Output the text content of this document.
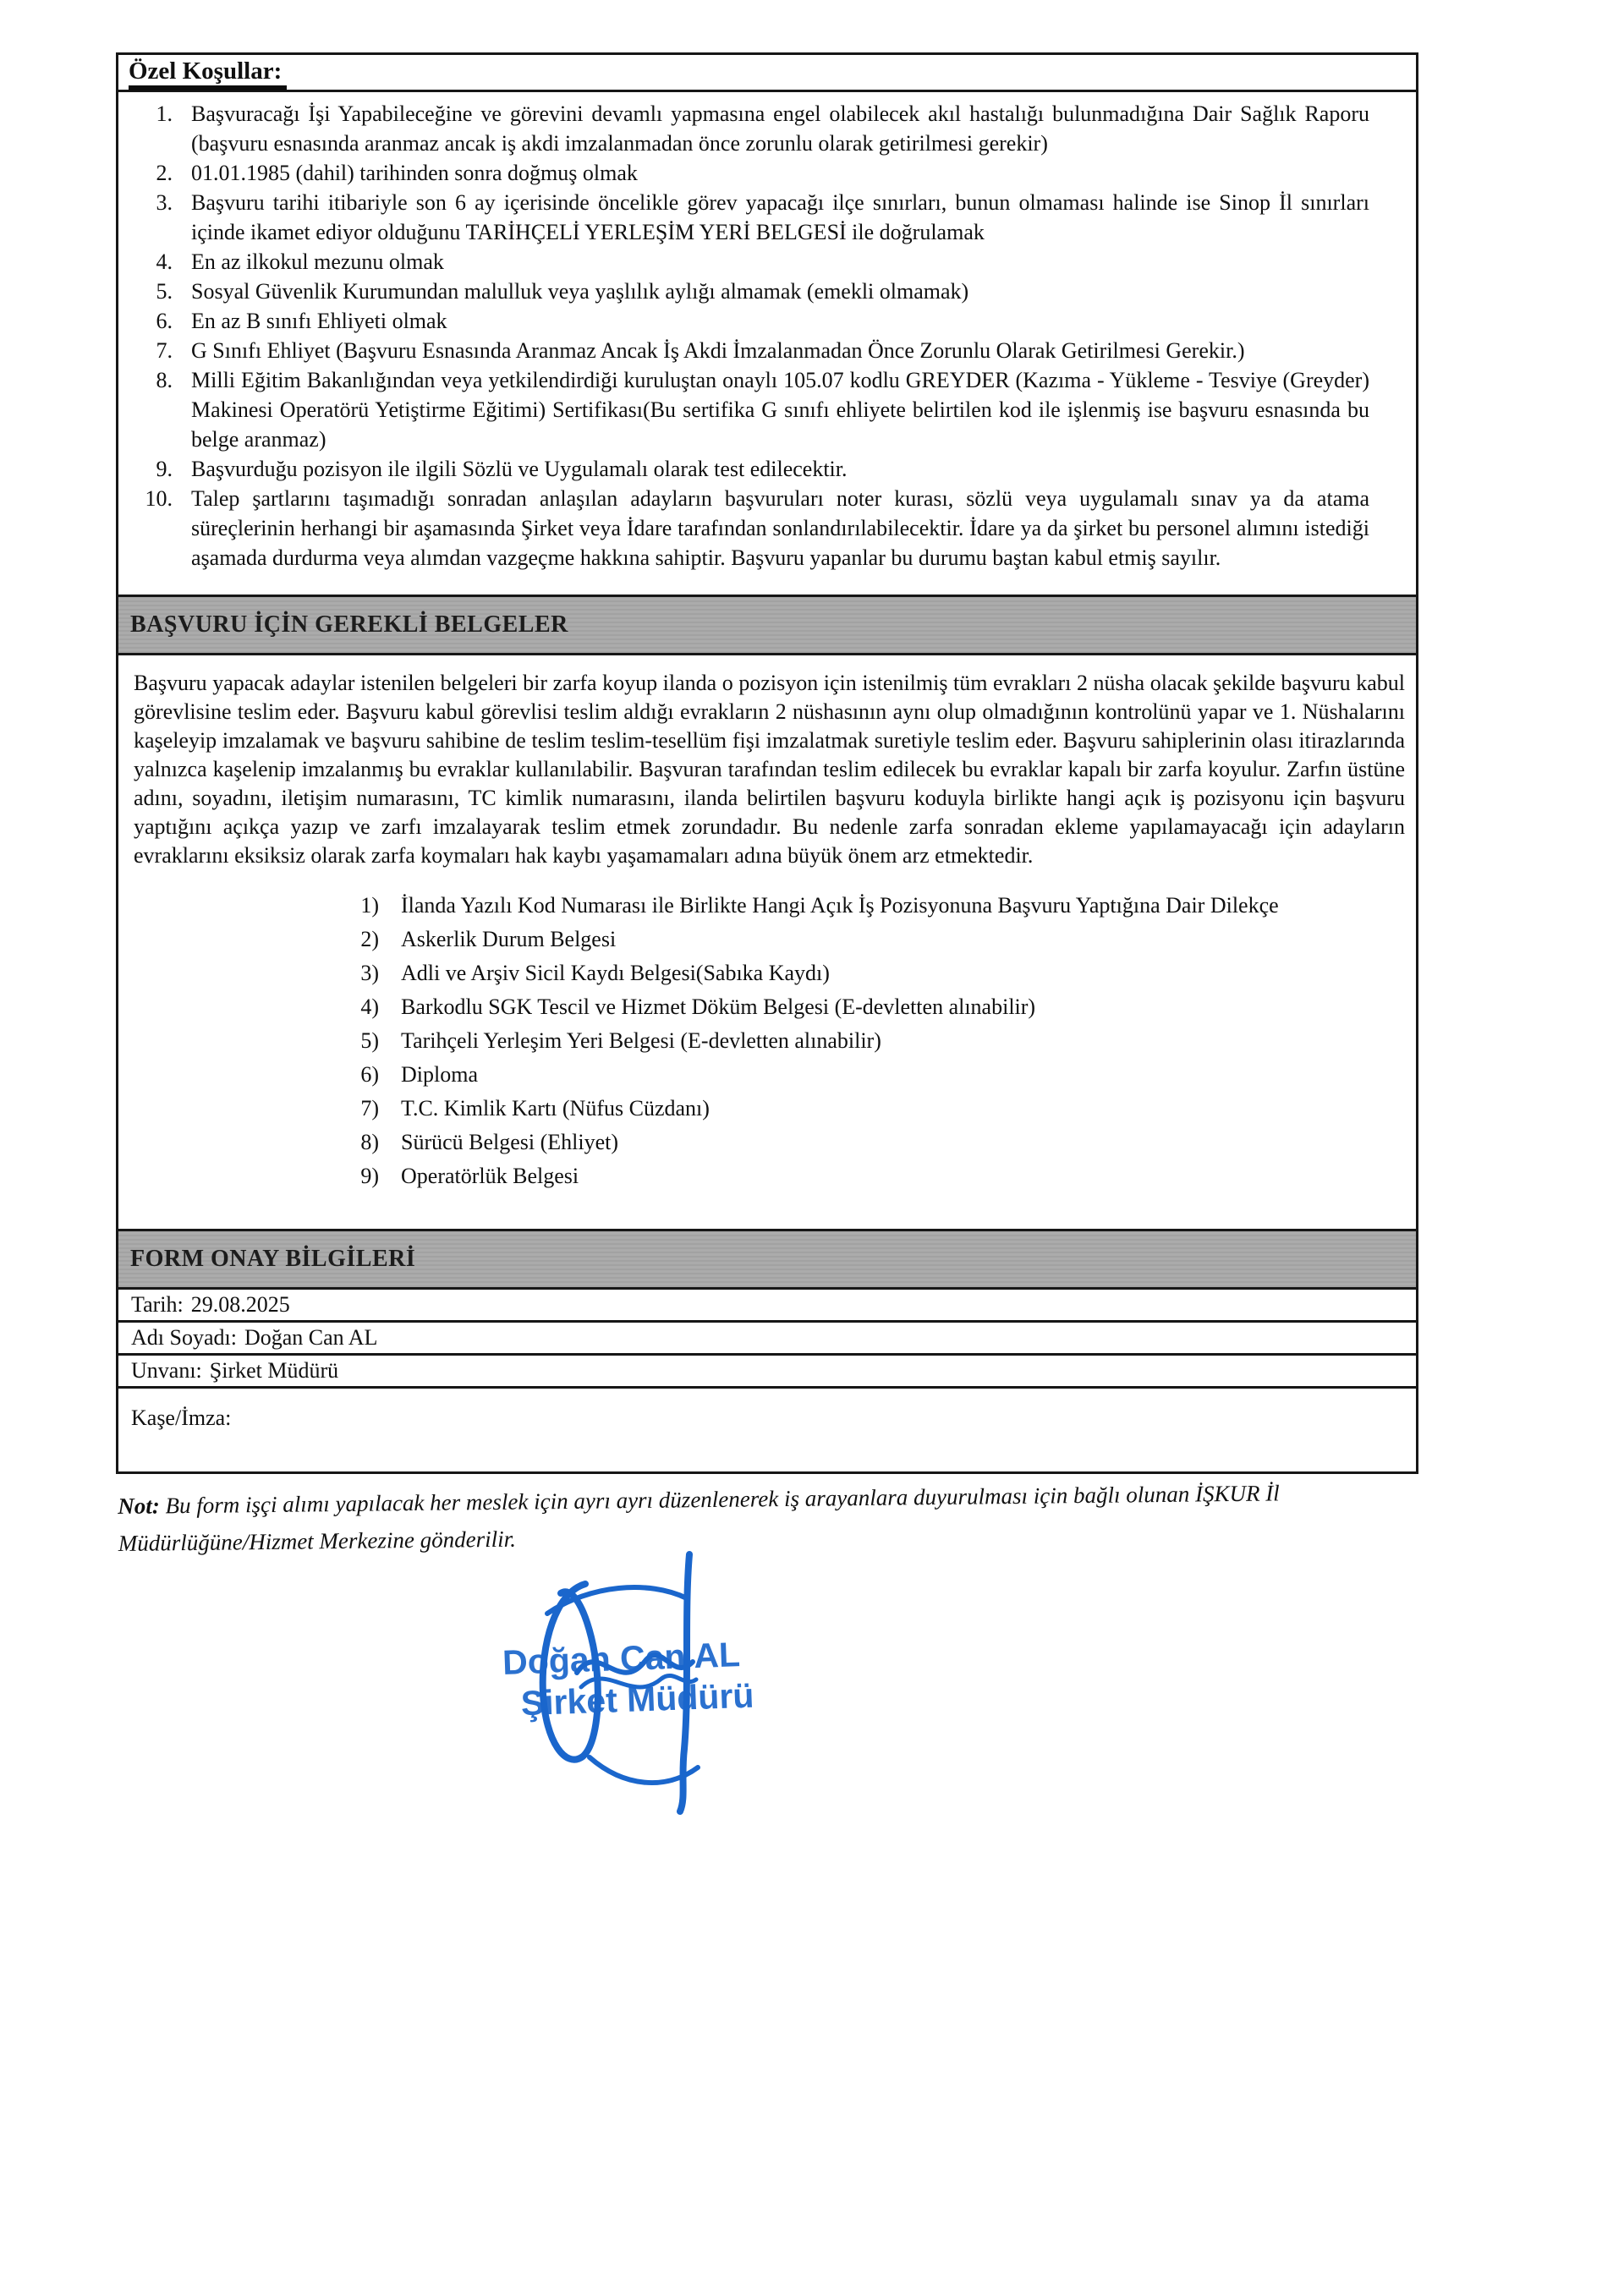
Özel Koşullar:
1. Başvuracağı İşi Yapabileceğine ve görevini devamlı yapmasına engel olabilecek akıl hastalığı bulunmadığına Dair Sağlık Raporu (başvuru esnasında aranmaz ancak iş akdi imzalanmadan önce zorunlu olarak getirilmesi gerekir)
2. 01.01.1985 (dahil) tarihinden sonra doğmuş olmak
3. Başvuru tarihi itibariyle son 6 ay içerisinde öncelikle görev yapacağı ilçe sınırları, bunun olmaması halinde ise Sinop İl sınırları içinde ikamet ediyor olduğunu TARİHÇELİ YERLEŞİM YERİ BELGESİ ile doğrulamak
4. En az ilkokul mezunu olmak
5. Sosyal Güvenlik Kurumundan malulluk veya yaşlılık aylığı almamak (emekli olmamak)
6. En az B sınıfı Ehliyeti olmak
7. G Sınıfı Ehliyet (Başvuru Esnasında Aranmaz Ancak İş Akdi İmzalanmadan Önce Zorunlu Olarak Getirilmesi Gerekir.)
8. Milli Eğitim Bakanlığından veya yetkilendirdiği kuruluştan onaylı 105.07 kodlu GREYDER (Kazıma - Yükleme - Tesviye (Greyder) Makinesi Operatörü Yetiştirme Eğitimi) Sertifikası(Bu sertifika G sınıfı ehliyete belirtilen kod ile işlenmiş ise başvuru esnasında bu belge aranmaz)
9. Başvurduğu pozisyon ile ilgili Sözlü ve Uygulamalı olarak test edilecektir.
10. Talep şartlarını taşımadığı sonradan anlaşılan adayların başvuruları noter kurası, sözlü veya uygulamalı sınav ya da atama süreçlerinin herhangi bir aşamasında Şirket veya İdare tarafından sonlandırılabilecektir. İdare ya da şirket bu personel alımını istediği aşamada durdurma veya alımdan vazgeçme hakkına sahiptir. Başvuru yapanlar bu durumu baştan kabul etmiş sayılır.
BAŞVURU İÇİN GEREKLİ BELGELER
Başvuru yapacak adaylar istenilen belgeleri bir zarfa koyup ilanda o pozisyon için istenilmiş tüm evrakları 2 nüsha olacak şekilde başvuru kabul görevlisine teslim eder. Başvuru kabul görevlisi teslim aldığı evrakların 2 nüshasının aynı olup olmadığının kontrolünü yapar ve 1. Nüshalarını kaşeleyip imzalamak ve başvuru sahibine de teslim teslim-tesellüm fişi imzalatmak suretiyle teslim eder. Başvuru sahiplerinin olası itirazlarında yalnızca kaşelenip imzalanmış bu evraklar kullanılabilir. Başvuran tarafından teslim edilecek bu evraklar kapalı bir zarfa koyulur. Zarfın üstüne adını, soyadını, iletişim numarasını, TC kimlik numarasını, ilanda belirtilen başvuru koduyla birlikte hangi açık iş pozisyonu için başvuru yaptığını açıkça yazıp ve zarfı imzalayarak teslim etmek zorundadır. Bu nedenle zarfa sonradan ekleme yapılamayacağı için adayların evraklarını eksiksiz olarak zarfa koymaları hak kaybı yaşamamaları adına büyük önem arz etmektedir.
1) İlanda Yazılı Kod Numarası ile Birlikte Hangi Açık İş Pozisyonuna Başvuru Yaptığına Dair Dilekçe
2) Askerlik Durum Belgesi
3) Adli ve Arşiv Sicil Kaydı Belgesi(Sabıka Kaydı)
4) Barkodlu SGK Tescil ve Hizmet Döküm Belgesi (E-devletten alınabilir)
5) Tarihçeli Yerleşim Yeri Belgesi (E-devletten alınabilir)
6) Diploma
7) T.C. Kimlik Kartı (Nüfus Cüzdanı)
8) Sürücü Belgesi (Ehliyet)
9) Operatörlük Belgesi
FORM ONAY BİLGİLERİ
Tarih: 29.08.2025
Adı Soyadı: Doğan Can AL
Unvanı: Şirket Müdürü
Kaşe/İmza:
Doğan Can AL
Şirket Müdürü
Not: Bu form işçi alımı yapılacak her meslek için ayrı ayrı düzenlenerek iş arayanlara duyurulması için bağlı olunan İŞKUR İl Müdürlüğüne/Hizmet Merkezine gönderilir.
